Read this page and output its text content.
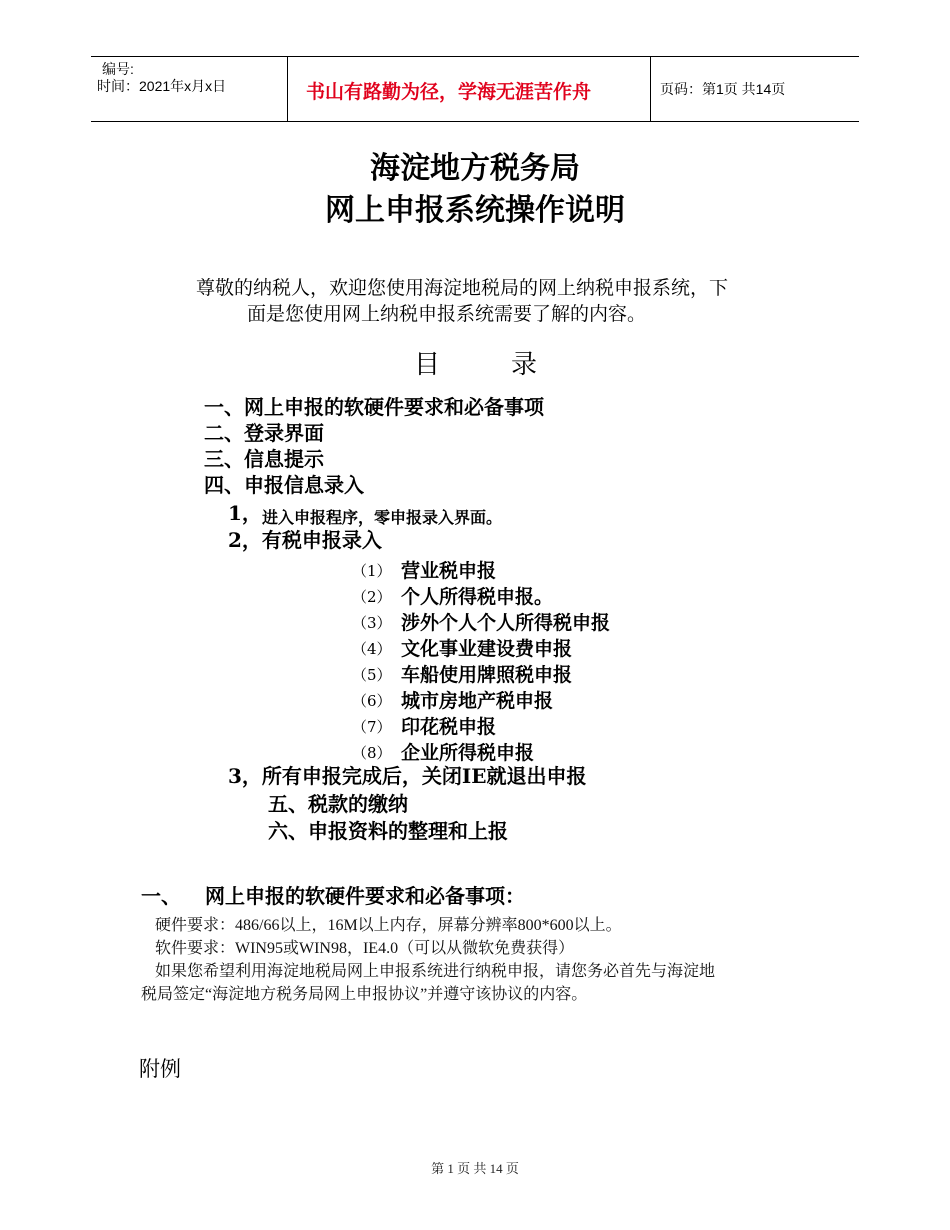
编号:
时间：2021年x月x日	书山有路勤为径，学海无涯苦作舟	页码：第1页 共14页
海淀地方税务局
网上申报系统操作说明
尊敬的纳税人，欢迎您使用海淀地税局的网上纳税申报系统，下
面是您使用网上纳税申报系统需要了解的内容。
目	录
一、网上申报的软硬件要求和必备事项
二、登录界面
三、信息提示
四、申报信息录入
1， 进入申报程序，零申报录入界面。
2，有税申报录入
（1） 营业税申报
（2） 个人所得税申报。
（3） 涉外个人个人所得税申报
（4） 文化事业建设费申报
（5） 车船使用牌照税申报
（6） 城市房地产税申报
（7） 印花税申报
（8） 企业所得税申报
3，所有申报完成后，关闭IE就退出申报
五、税款的缴纳
六、申报资料的整理和上报
一、 网上申报的软硬件要求和必备事项：
硬件要求：486/66以上，16M以上内存，屏幕分辨率800*600以上。
软件要求：WIN95或WIN98，IE4.0（可以从微软免费获得）
如果您希望利用海淀地税局网上申报系统进行纳税申报，请您务必首先与海淀地
税局签定“海淀地方税务局网上申报协议”并遵守该协议的内容。
附例
第 1 页 共 14 页
